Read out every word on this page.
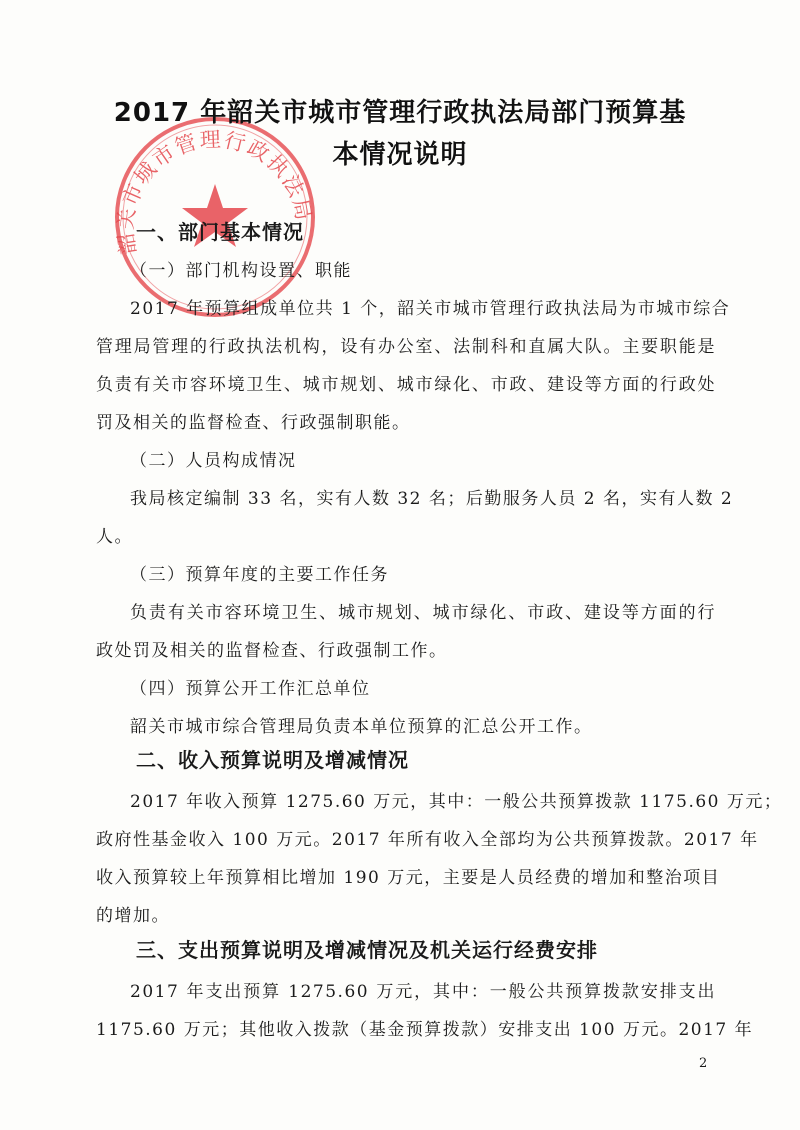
韶关市城市管理行政执法局
2017 年韶关市城市管理行政执法局部门预算基
本情况说明
一、部门基本情况
（一）部门机构设置、职能
2017 年预算组成单位共 1 个，韶关市城市管理行政执法局为市城市综合
管理局管理的行政执法机构，设有办公室、法制科和直属大队。主要职能是
负责有关市容环境卫生、城市规划、城市绿化、市政、建设等方面的行政处
罚及相关的监督检查、行政强制职能。
（二）人员构成情况
我局核定编制 33 名，实有人数 32 名；后勤服务人员 2 名，实有人数 2
人。
（三）预算年度的主要工作任务
负责有关市容环境卫生、城市规划、城市绿化、市政、建设等方面的行
政处罚及相关的监督检查、行政强制工作。
（四）预算公开工作汇总单位
韶关市城市综合管理局负责本单位预算的汇总公开工作。
二、收入预算说明及增减情况
2017 年收入预算 1275.60 万元，其中：一般公共预算拨款 1175.60 万元；
政府性基金收入 100 万元。2017 年所有收入全部均为公共预算拨款。2017 年
收入预算较上年预算相比增加 190 万元，主要是人员经费的增加和整治项目
的增加。
三、支出预算说明及增减情况及机关运行经费安排
2017 年支出预算 1275.60 万元，其中：一般公共预算拨款安排支出
1175.60 万元；其他收入拨款（基金预算拨款）安排支出 100 万元。2017 年
2
